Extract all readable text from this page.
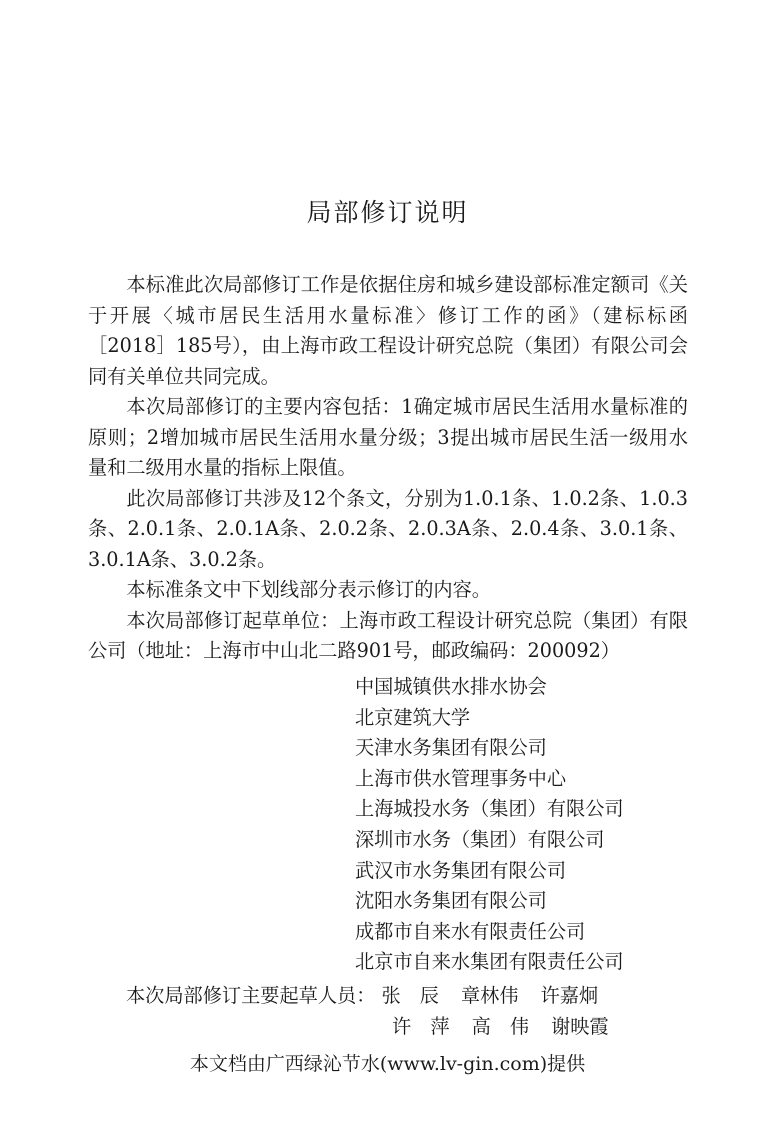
局部修订说明

本标准此次局部修订工作是依据住房和城乡建设部标准定额司《关于开展〈城市居民生活用水量标准〉修订工作的函》（建标标函［2018］185号），由上海市政工程设计研究总院（集团）有限公司会同有关单位共同完成。

本次局部修订的主要内容包括：1确定城市居民生活用水量标准的原则；2增加城市居民生活用水量分级；3提出城市居民生活一级用水量和二级用水量的指标上限值。

此次局部修订共涉及12个条文，分别为1.0.1条、1.0.2条、1.0.3条、2.0.1条、2.0.1A条、2.0.2条、2.0.3A条、2.0.4条、3.0.1条、3.0.1A条、3.0.2条。

本标准条文中下划线部分表示修订的内容。

本次局部修订起草单位：上海市政工程设计研究总院（集团）有限公司（地址：上海市中山北二路901号，邮政编码：200092）

中国城镇供水排水协会
北京建筑大学
天津水务集团有限公司
上海市供水管理事务中心
上海城投水务（集团）有限公司
深圳市水务（集团）有限公司
武汉市水务集团有限公司
沈阳水务集团有限公司
成都市自来水有限责任公司
北京市自来水集团有限责任公司
本次局部修订主要起草人员： 张　辰 章林伟 许嘉炯
许　萍 高　伟 谢映霞
本文档由广西绿沁节水(www.lv-gin.com)提供
